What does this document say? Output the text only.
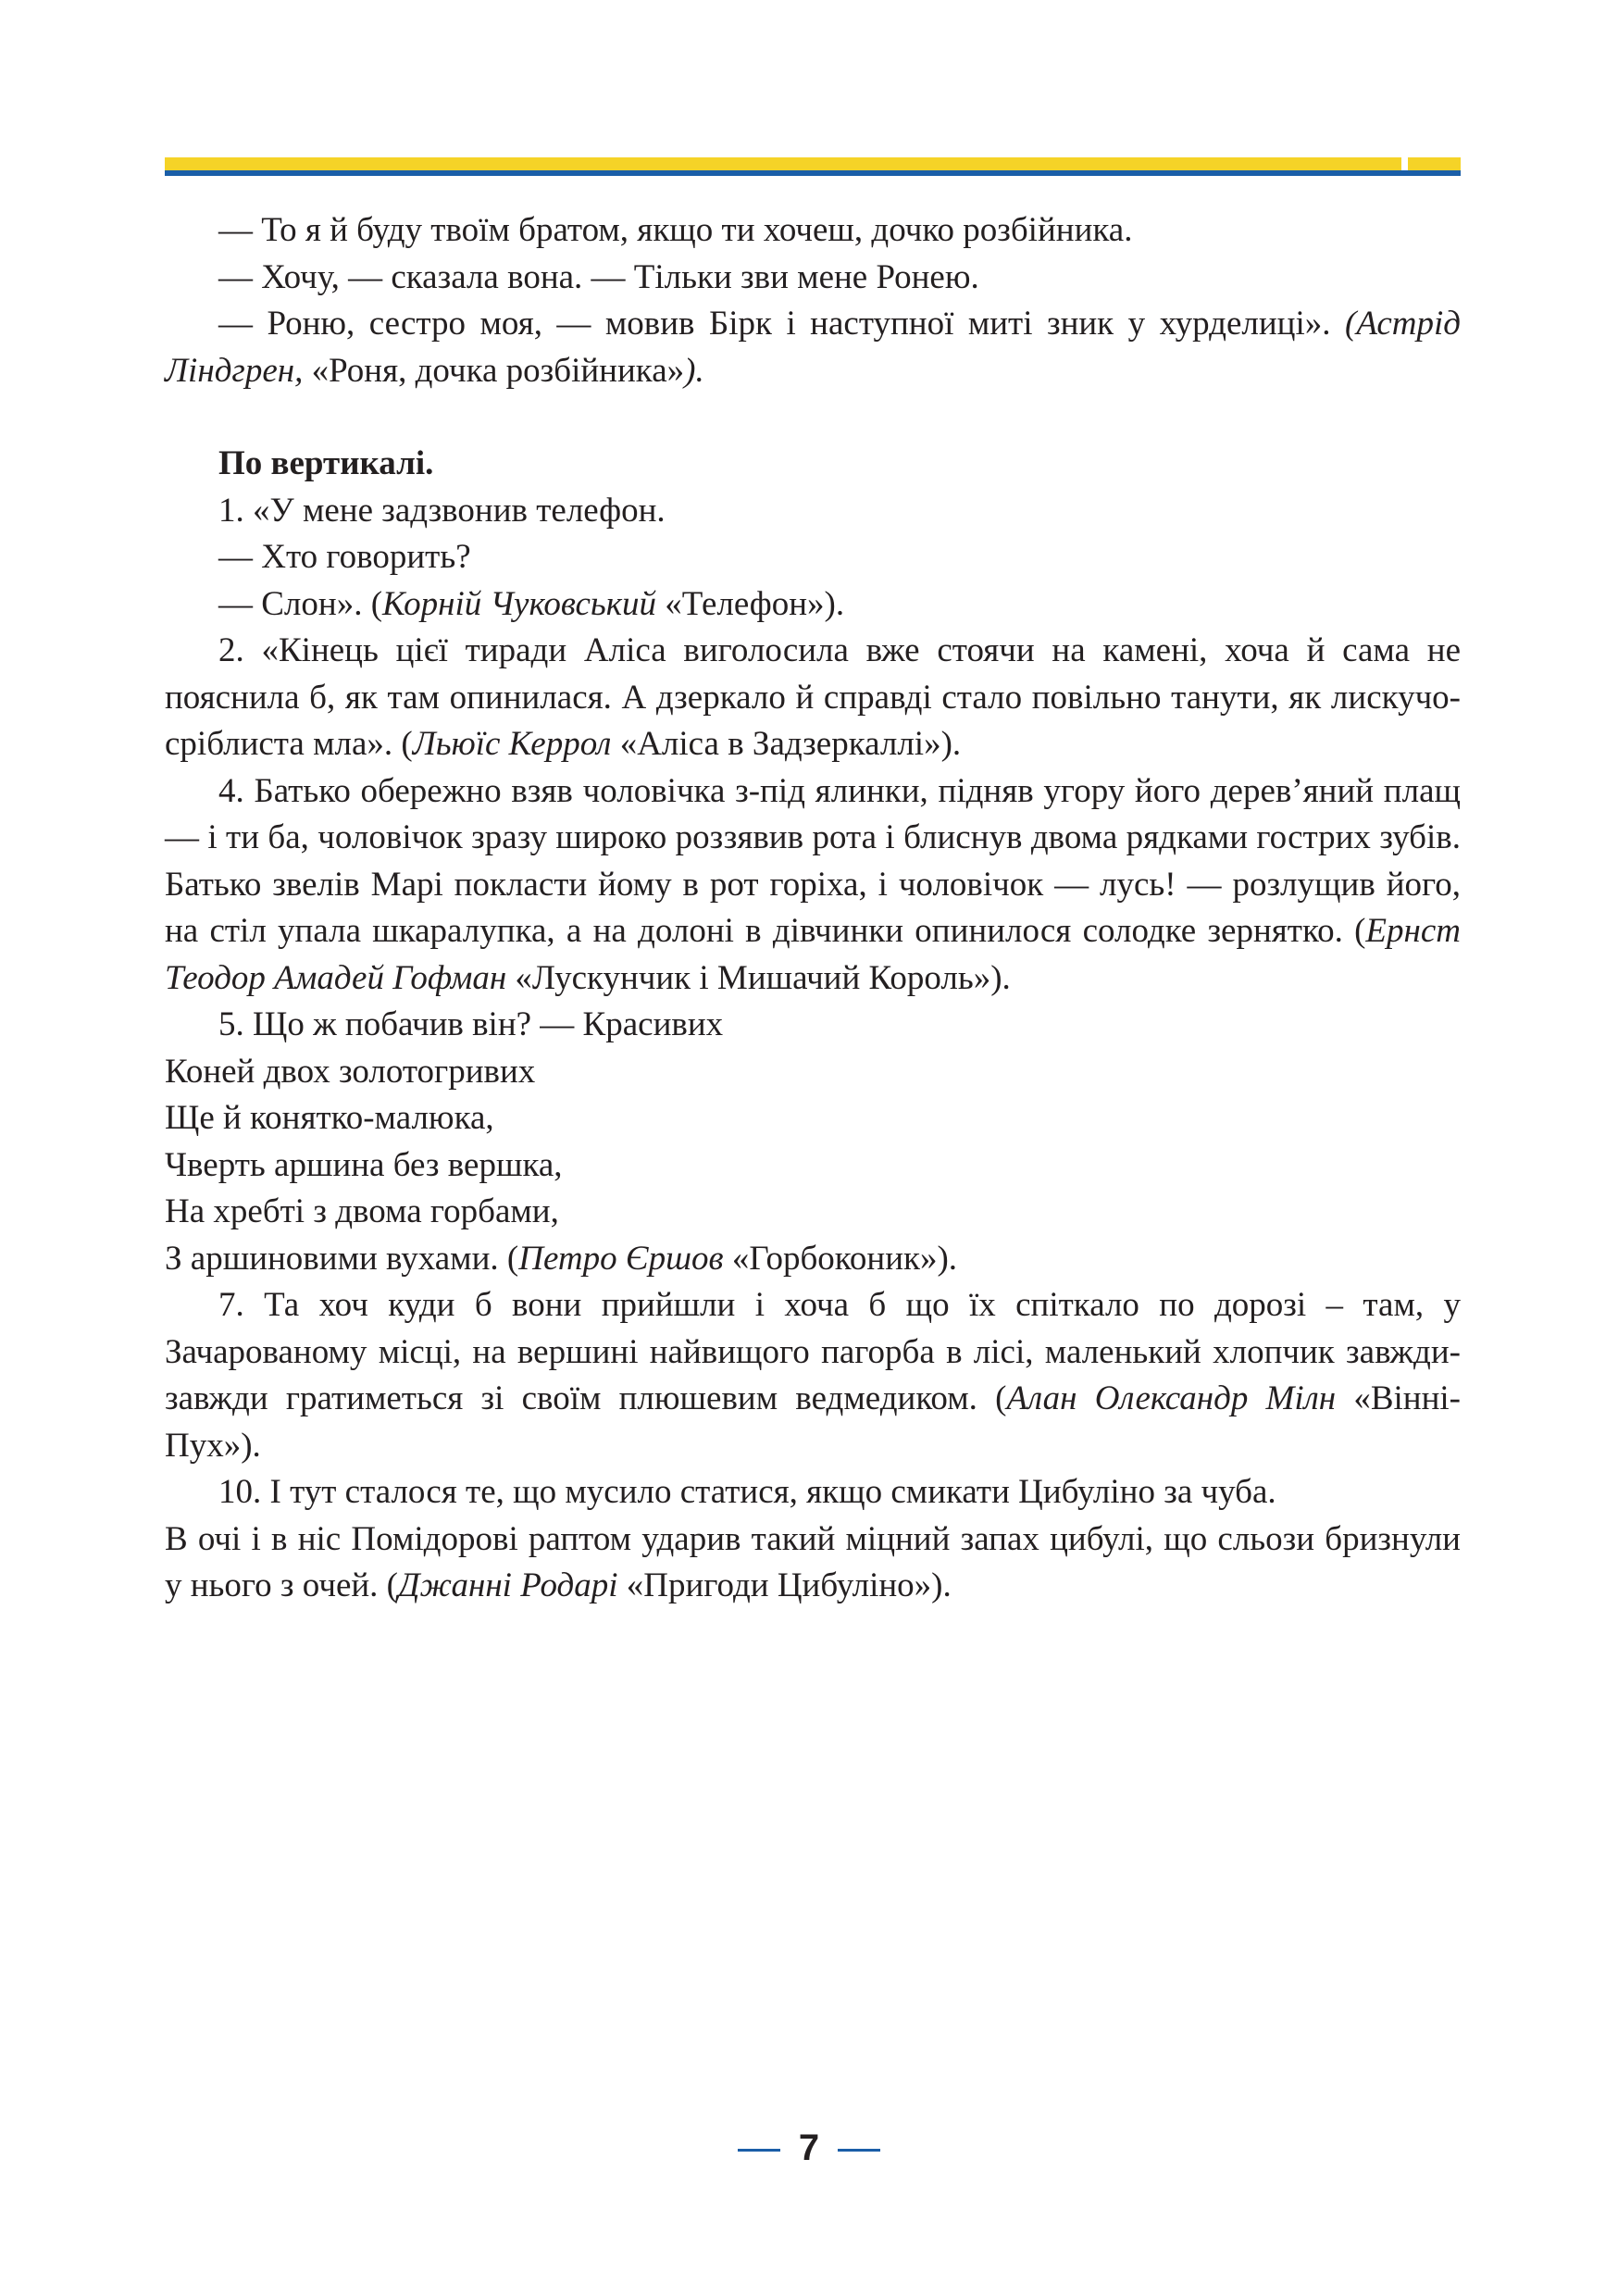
— То я й буду твоїм братом, якщо ти хочеш, дочко розбійника.

— Хочу, — сказала вона. — Тільки зви мене Ронею.

— Роню, сестро моя, — мовив Бірк і наступної миті зник у хурделиці». (Астрід Ліндгрен, «Роня, дочка розбійника»).

По вертикалі.

1. «У мене задзвонив телефон.

— Хто говорить?

— Слон». (Корній Чуковський «Телефон»).

2. «Кінець цієї тиради Аліса виголосила вже стоячи на камені, хоча й сама не пояснила б, як там опинилася. А дзеркало й справді стало повільно танути, як лискучо-сріблиста мла». (Льюїс Керрол «Аліса в Задзеркаллі»).

4. Батько обережно взяв чоловічка з-під ялинки, підняв угору його дерев’яний плащ — і ти ба, чоловічок зразу широко роззявив рота і блиснув двома рядками гострих зубів. Батько звелів Марі покласти йому в рот горіха, і чоловічок — лусь! — розлущив його, на стіл упала шкаралупка, а на долоні в дівчинки опинилося солодке зернятко. (Ернст Теодор Амадей Гофман «Лускунчик і Мишачий Король»).

5. Що ж побачив він? — Красивих

Коней двох золотогривих

Ще й конятко-малюка,

Чверть аршина без вершка,

На хребті з двома горбами,

З аршиновими вухами. (Петро Єршов «Горбоконик»).

7. Та хоч куди б вони прийшли і хоча б що їх спіткало по дорозі – там, у Зачарованому місці, на вершині найвищого пагорба в лісі, маленький хлопчик завжди-завжди гратиметься зі своїм плюшевим ведмедиком. (Алан Олександр Мілн «Вінні-Пух»).

10. І тут сталося те, що мусило статися, якщо смикати Цибуліно за чуба.

В очі і в ніс Помідорові раптом ударив такий міцний запах цибулі, що сльози бризнули у нього з очей. (Джанні Родарі «Пригоди Цибуліно»).

7
